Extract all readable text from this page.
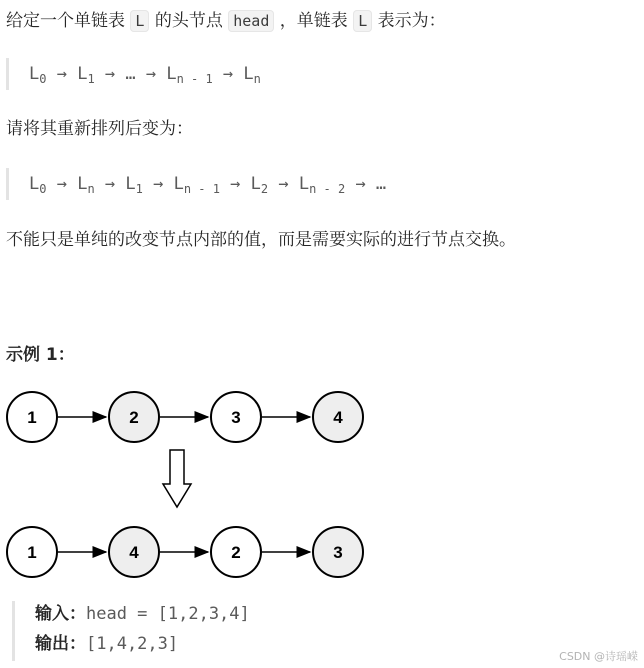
给定一个单链表 L 的头节点 head ，单链表 L 表示为：
$L_0 \to L_1$ → … → $L_{n - 1} \to L_n$
请将其重新排列后变为：
$L_0 \to L_n \to L_1 \to L_{n - 1} \to L_2 \to L_{n - 2}$ → …
不能只是单纯的改变节点内部的值，而是需要实际的进行节点交换。
示例 1：
1	2	3	4
1	4	2	3
输入：head = [1,2,3,4]
输出：[1,4,2,3]
CSDN @诗瑶嵘
